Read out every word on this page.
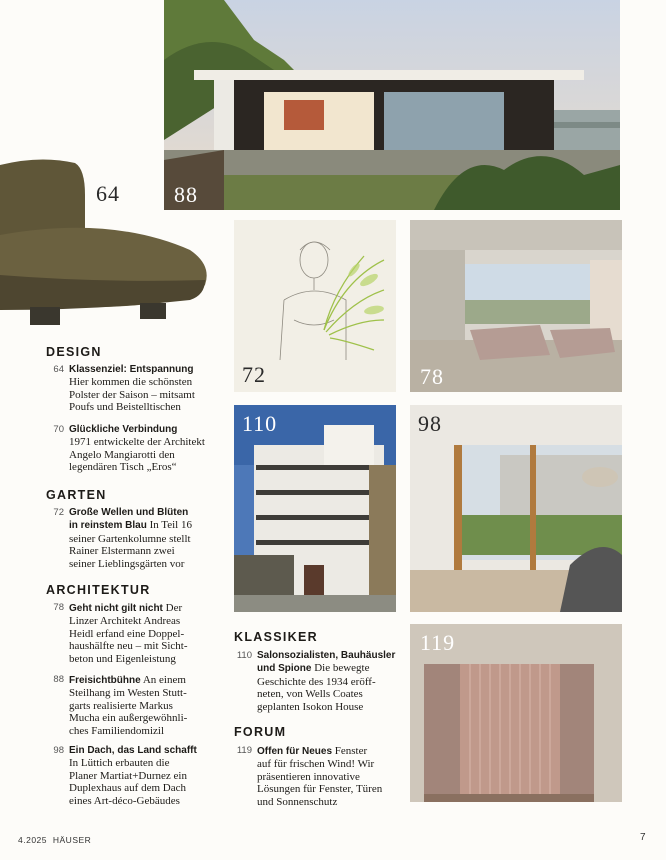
88
64
72	78
110	98
119
DESIGN
64 Klassenziel: Entspannung
Hier kommen die schönsten
Polster der Saison – mitsamt
Poufs und Beistelltischen
70 Glückliche Verbindung
1971 entwickelte der Architekt
Angelo Mangiarotti den
legendären Tisch „Eros“
GARTEN
72 Große Wellen und Blüten
in reinstem Blau In Teil 16
seiner Gartenkolumne stellt
Rainer Elstermann zwei
seiner Lieblingsgärten vor
ARCHITEKTUR
78 Geht nicht gilt nicht Der
Linzer Architekt Andreas
Heidl erfand eine Doppel-
haushälfte neu – mit Sicht-
beton und Eigenleistung
88 Freisichtbühne An einem
Steilhang im Westen Stutt-
garts realisierte Markus
Mucha ein außergewöhnli-
ches Familiendomizil
98 Ein Dach, das Land schafft
In Lüttich erbauten die
Planer Martiat+Durnez ein
Duplexhaus auf dem Dach
eines Art-déco-Gebäudes
KLASSIKER
110 Salonsozialisten, Bauhäusler
und Spione Die bewegte
Geschichte des 1934 eröff-
neten, von Wells Coates
geplanten Isokon House
FORUM
119 Offen für Neues Fenster
auf für frischen Wind! Wir
präsentieren innovative
Lösungen für Fenster, Türen
und Sonnenschutz
4.2025 HÄUSER	7
